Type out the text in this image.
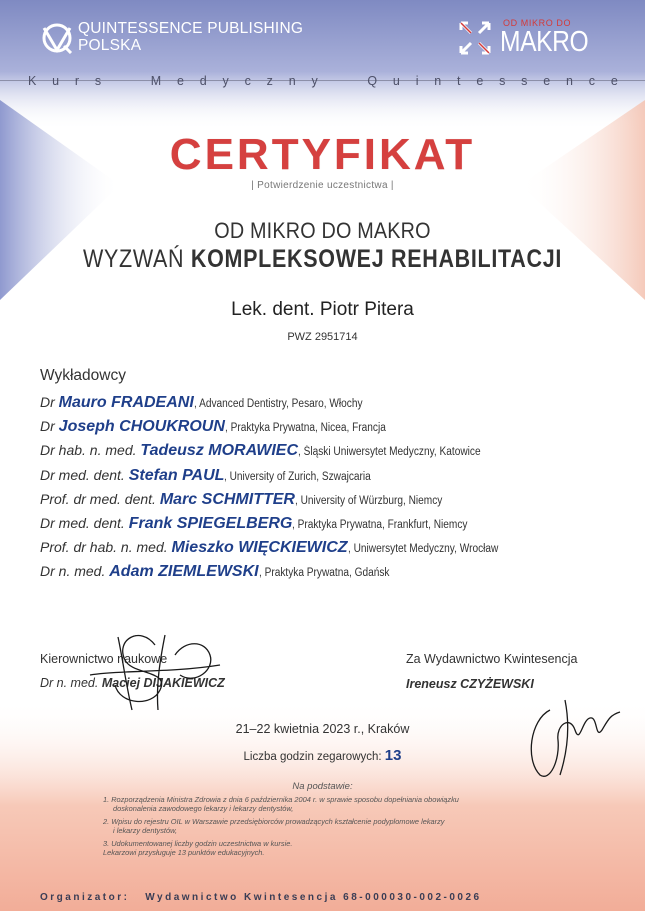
QUINTESSENCE PUBLISHING
POLSKA
OD MIKRO DO
MAKRO
K u r s	M e d y c z n y	Q u i n t e s s e n c e
→ CERTYFIKAT	←
| Potwierdzenie uczestnictwa |
OD MIKRO DO MAKRO
WYZWAŃ KOMPLEKSOWEJ REHABILITACJI
Lek. dent. Piotr Pitera
PWZ 2951714
Wykładowcy
Dr Mauro FRADEANI, Advanced Dentistry, Pesaro, Włochy
Dr Joseph CHOUKROUN, Praktyka Prywatna, Nicea, Francja
Dr hab. n. med. Tadeusz MORAWIEC, Śląski Uniwersytet Medyczny, Katowice
Dr med. dent. Stefan PAUL, University of Zurich, Szwajcaria
Prof. dr med. dent. Marc SCHMITTER, University of Würzburg, Niemcy
Dr med. dent. Frank SPIEGELBERG, Praktyka Prywatna, Frankfurt, Niemcy
Prof. dr hab. n. med. Mieszko WIĘCKIEWICZ, Uniwersytet Medyczny, Wrocław
Dr n. med. Adam ZIEMLEWSKI, Praktyka Prywatna, Gdańsk
Kierownictwo naukowe
Dr n. med. Maciej DIJAKIEWICZ
Za Wydawnictwo Kwintesencja
Ireneusz CZYŻEWSKI
21–22 kwietnia 2023 r., Kraków
Liczba godzin zegarowych: 13
Na podstawie:

1. Rozporządzenia Ministra Zdrowia z dnia 6 października 2004 r. w sprawie sposobu dopełniania obowiązku
doskonalenia zawodowego lekarzy i lekarzy dentystów,

2. Wpisu do rejestru OIL w Warszawie przedsiębiorców prowadzących kształcenie podyplomowe lekarzy
i lekarzy dentystów,

3. Udokumentowanej liczby godzin uczestnictwa w kursie.
Lekarzowi przysługuje 13 punktów edukacyjnych.

Organizator:   Wydawnictwo Kwintesencja 68-000030-002-0026
